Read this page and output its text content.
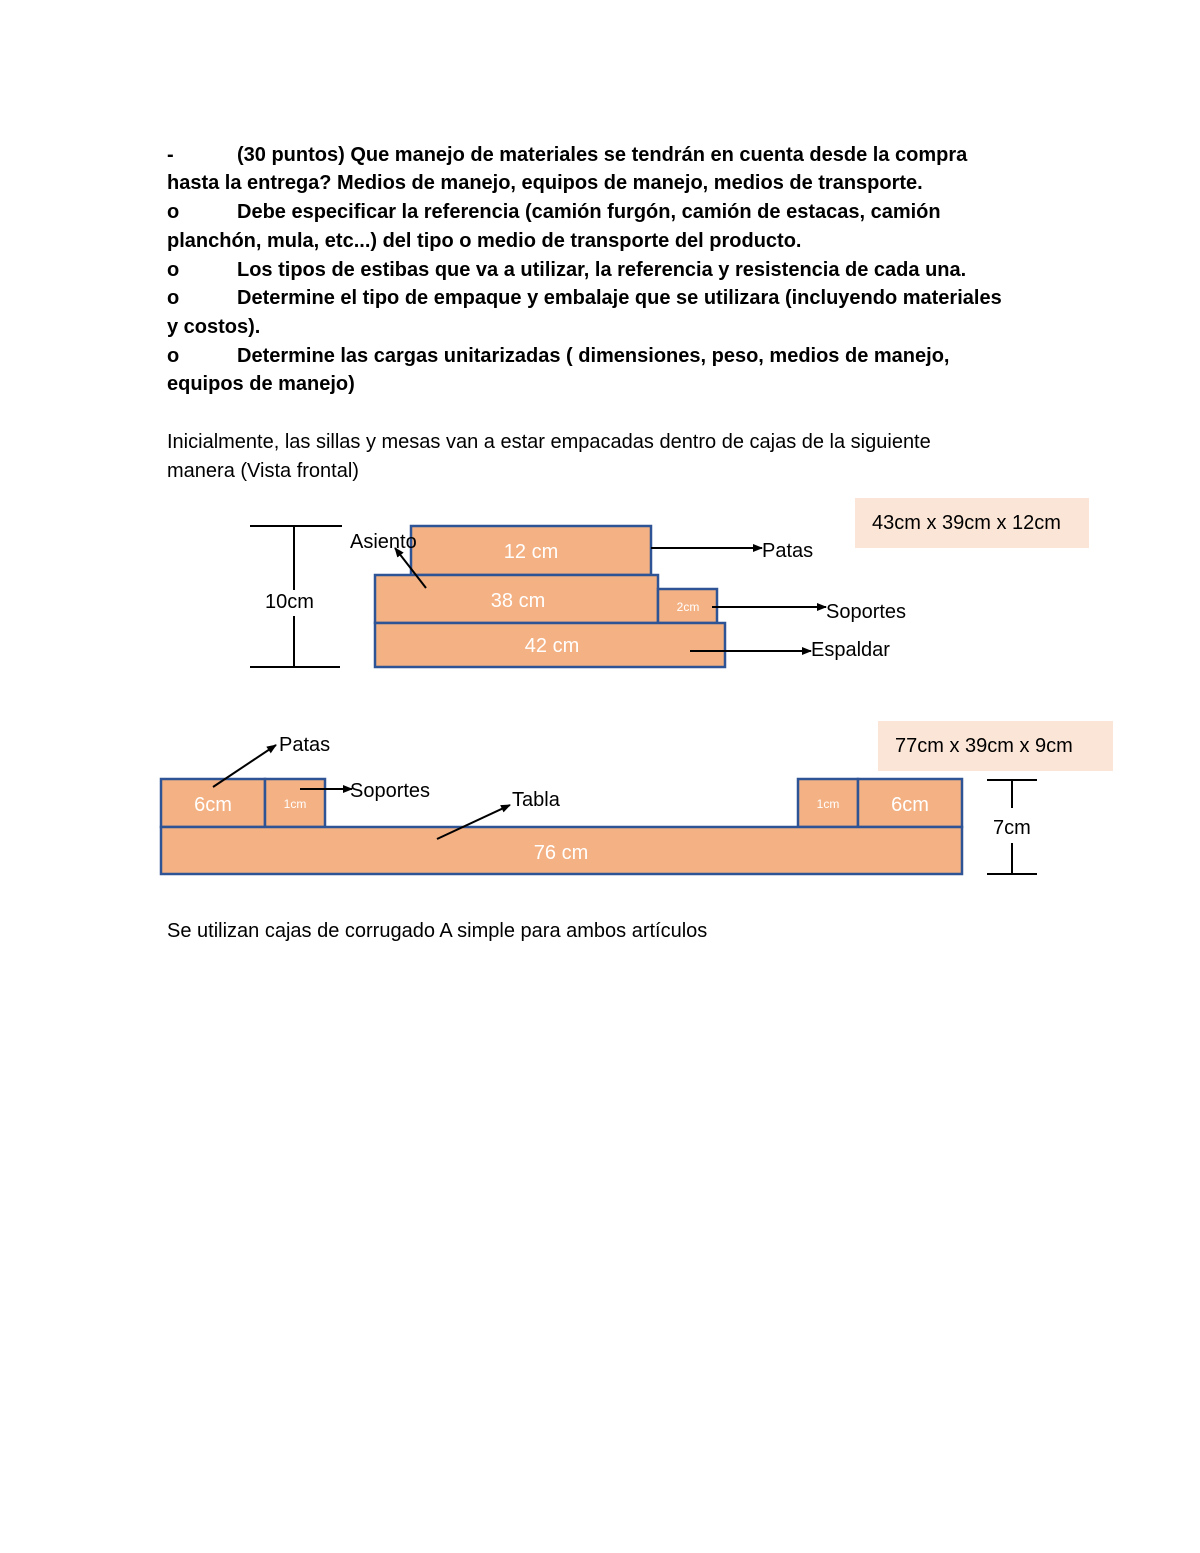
-	(30 puntos) Que manejo de materiales se tendrán en cuenta desde la compra
hasta la entrega? Medios de manejo, equipos de manejo, medios de transporte.
o	Debe especificar la referencia (camión furgón, camión de estacas, camión
planchón, mula, etc...) del tipo o medio de transporte del producto.
o	Los tipos de estibas que va a utilizar, la referencia y resistencia de cada una.
o	Determine el tipo de empaque y embalaje que se utilizara (incluyendo materiales
y costos).
o	Determine las cargas unitarizadas ( dimensiones, peso, medios de manejo,
equipos de manejo)
Inicialmente, las sillas y mesas van a estar empacadas dentro de cajas de la siguiente
manera (Vista frontal)
43cm x 39cm x 12cm
10cm
12 cm
38 cm	2cm
42 cm
Asiento	Patas
Soportes
Espaldar
77cm x 39cm x 9cm
7cm
6cm	1cm	1cm	6cm
76 cm
Patas
Soportes	Tabla
Se utilizan cajas de corrugado A simple para ambos artículos
